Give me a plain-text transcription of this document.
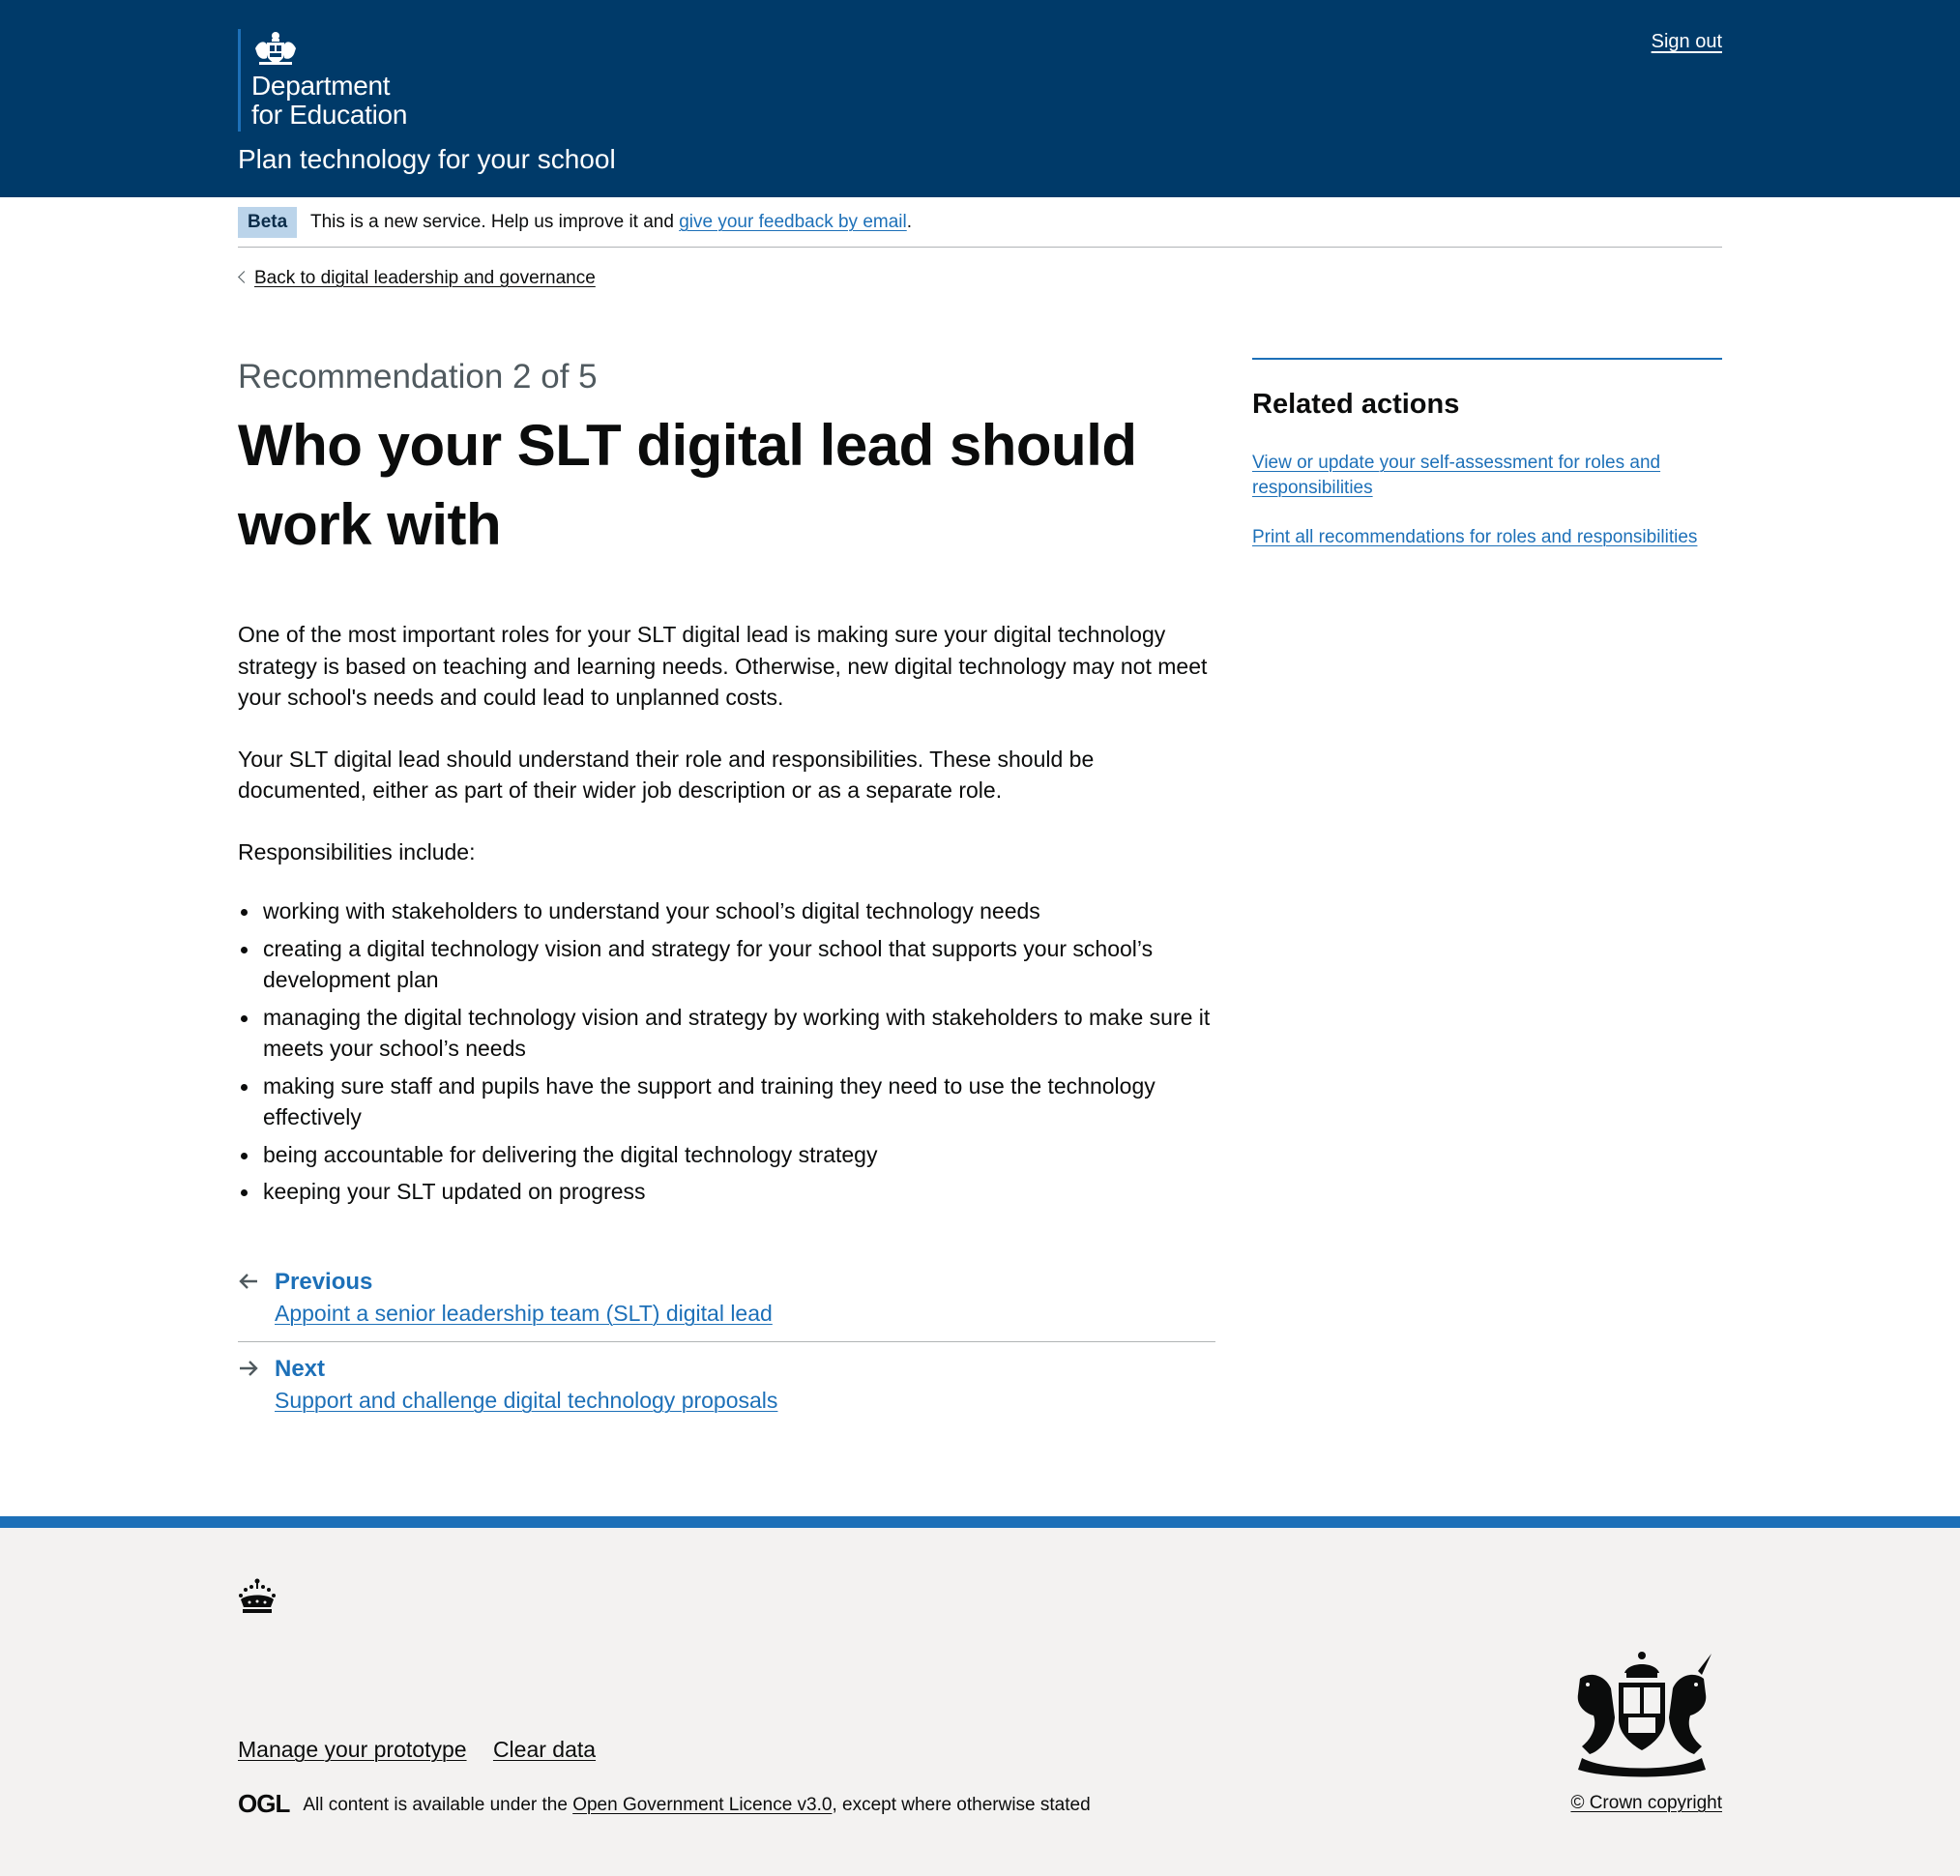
Department
for Education
Plan technology for your school
Sign out
Beta	This is a new service. Help us improve it and give your feedback by email.
Back to digital leadership and governance
Recommendation 2 of 5
Who your SLT digital lead should work with

One of the most important roles for your SLT digital lead is making sure your digital technology strategy is based on teaching and learning needs. Otherwise, new digital technology may not meet your school's needs and could lead to unplanned costs.

Your SLT digital lead should understand their role and responsibilities. These should be documented, either as part of their wider job description or as a separate role.

Responsibilities include:

working with stakeholders to understand your school’s digital technology needs
creating a digital technology vision and strategy for your school that supports your school’s development plan
managing the digital technology vision and strategy by working with stakeholders to make sure it meets your school’s needs
making sure staff and pupils have the support and training they need to use the technology effectively
being accountable for delivering the digital technology strategy
keeping your SLT updated on progress
Previous
Appoint a senior leadership team (SLT) digital lead
Next
Support and challenge digital technology proposals
Related actions
View or update your self-assessment for roles and responsibilities
Print all recommendations for roles and responsibilities
Manage your prototype Clear data
OGL All content is available under the Open Government Licence v3.0, except where otherwise stated	© Crown copyright
